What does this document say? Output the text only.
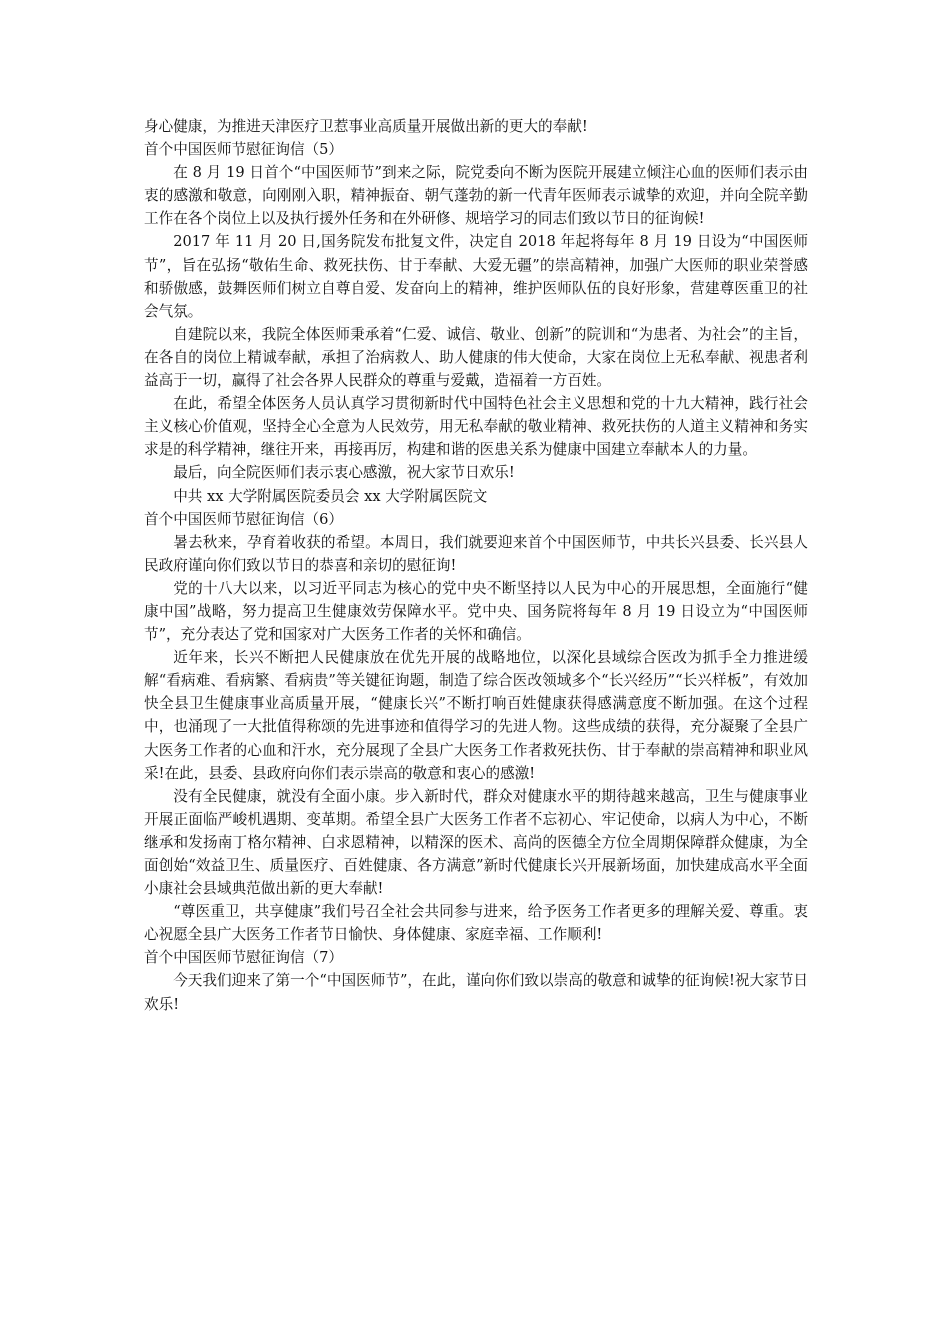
身心健康，为推进天津医疗卫惹事业高质量开展做出新的更大的奉献!

首个中国医师节慰征询信（5）

在 8 月 19 日首个“中国医师节”到来之际，院党委向不断为医院开展建立倾注心血的医师们表示由衷的感激和敬意，向刚刚入职，精神振奋、朝气蓬勃的新一代青年医师表示诚挚的欢迎，并向全院辛勤工作在各个岗位上以及执行援外任务和在外研修、规培学习的同志们致以节日的征询候!

2017 年 11 月 20 日,国务院发布批复文件，决定自 2018 年起将每年 8 月 19 日设为“中国医师节”，旨在弘扬“敬佑生命、救死扶伤、甘于奉献、大爱无疆”的崇高精神，加强广大医师的职业荣誉感和骄傲感，鼓舞医师们树立自尊自爱、发奋向上的精神，维护医师队伍的良好形象，营建尊医重卫的社会气氛。

自建院以来，我院全体医师秉承着“仁爱、诚信、敬业、创新”的院训和“为患者、为社会”的主旨，在各自的岗位上精诚奉献，承担了治病救人、助人健康的伟大使命，大家在岗位上无私奉献、视患者利益高于一切，赢得了社会各界人民群众的尊重与爱戴，造福着一方百姓。

在此，希望全体医务人员认真学习贯彻新时代中国特色社会主义思想和党的十九大精神，践行社会主义核心价值观，坚持全心全意为人民效劳，用无私奉献的敬业精神、救死扶伤的人道主义精神和务实求是的科学精神，继往开来，再接再厉，构建和谐的医患关系为健康中国建立奉献本人的力量。

最后，向全院医师们表示衷心感激，祝大家节日欢乐!

中共 xx 大学附属医院委员会 xx 大学附属医院文

首个中国医师节慰征询信（6）

暑去秋来，孕育着收获的希望。本周日，我们就要迎来首个中国医师节，中共长兴县委、长兴县人民政府谨向你们致以节日的恭喜和亲切的慰征询!

党的十八大以来，以习近平同志为核心的党中央不断坚持以人民为中心的开展思想，全面施行“健康中国”战略，努力提高卫生健康效劳保障水平。党中央、国务院将每年 8 月 19 日设立为“中国医师节”，充分表达了党和国家对广大医务工作者的关怀和确信。

近年来，长兴不断把人民健康放在优先开展的战略地位，以深化县域综合医改为抓手全力推进缓解“看病难、看病繁、看病贵”等关键征询题，制造了综合医改领域多个“长兴经历”“长兴样板”，有效加快全县卫生健康事业高质量开展，“健康长兴”不断打响百姓健康获得感满意度不断加强。在这个过程中，也涌现了一大批值得称颂的先进事迹和值得学习的先进人物。这些成绩的获得，充分凝聚了全县广大医务工作者的心血和汗水，充分展现了全县广大医务工作者救死扶伤、甘于奉献的崇高精神和职业风采!在此，县委、县政府向你们表示崇高的敬意和衷心的感激!

没有全民健康，就没有全面小康。步入新时代，群众对健康水平的期待越来越高，卫生与健康事业开展正面临严峻机遇期、变革期。希望全县广大医务工作者不忘初心、牢记使命，以病人为中心，不断继承和发扬南丁格尔精神、白求恩精神，以精深的医术、高尚的医德全方位全周期保障群众健康，为全面创始“效益卫生、质量医疗、百姓健康、各方满意”新时代健康长兴开展新场面，加快建成高水平全面小康社会县域典范做出新的更大奉献!

“尊医重卫，共享健康”我们号召全社会共同参与进来，给予医务工作者更多的理解关爱、尊重。衷心祝愿全县广大医务工作者节日愉快、身体健康、家庭幸福、工作顺利!

首个中国医师节慰征询信（7）

今天我们迎来了第一个“中国医师节”，在此，谨向你们致以崇高的敬意和诚挚的征询候!祝大家节日欢乐!
